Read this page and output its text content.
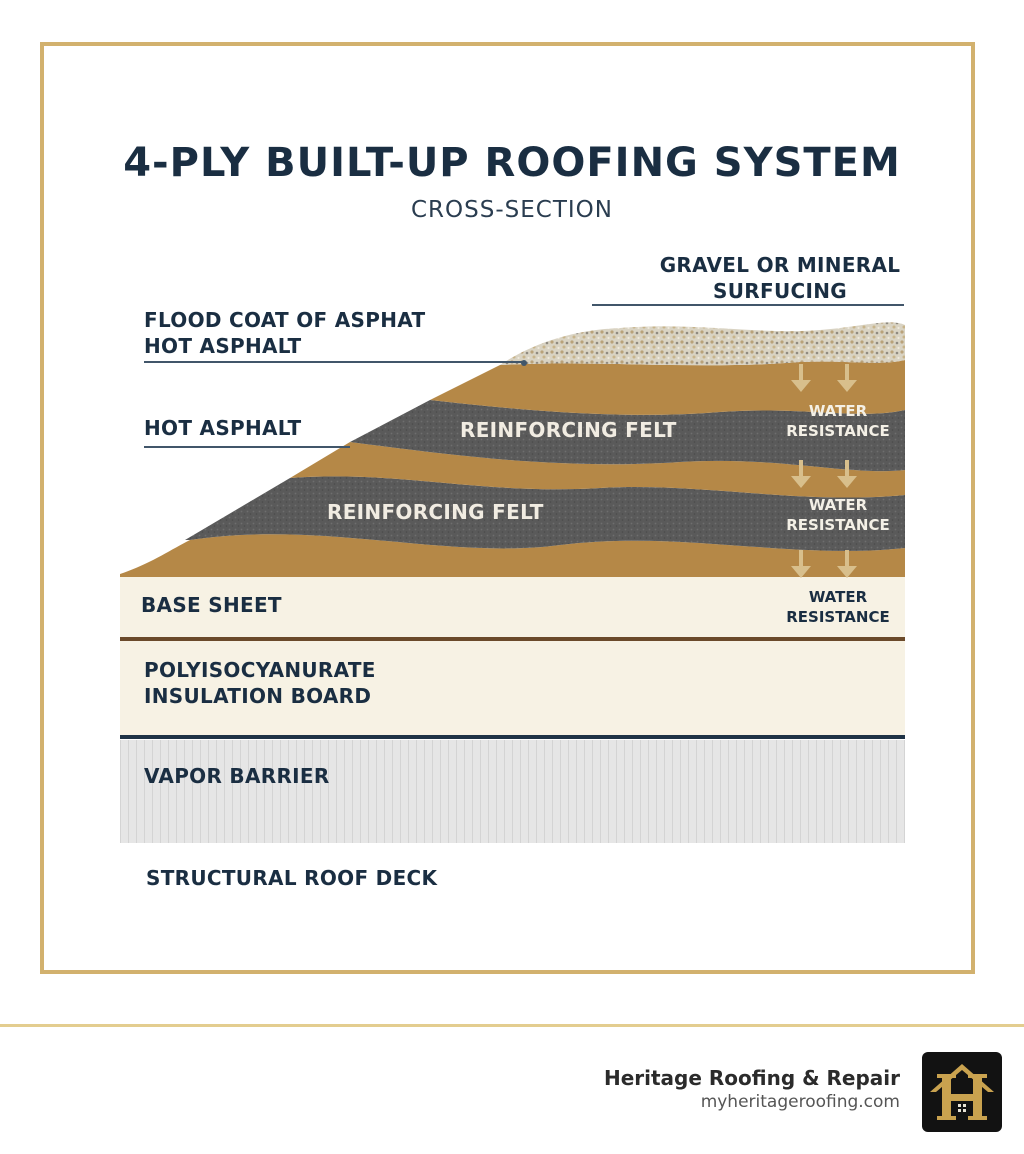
4-PLY BUILT-UP ROOFING SYSTEM
CROSS-SECTION
GRAVEL OR MINERAL SURFUCING
FLOOD COAT OF ASPHAT HOT ASPHALT
HOT ASPHALT	REINFORCING FELT
REINFORCING FELT
WATER RESISTANCE
WATER RESISTANCE
WATER RESISTANCE
BASE SHEET
POLYISOCYANURATE INSULATION BOARD
VAPOR BARRIER
STRUCTURAL ROOF DECK
Heritage Roofing & Repair
myheritageroofing.com
